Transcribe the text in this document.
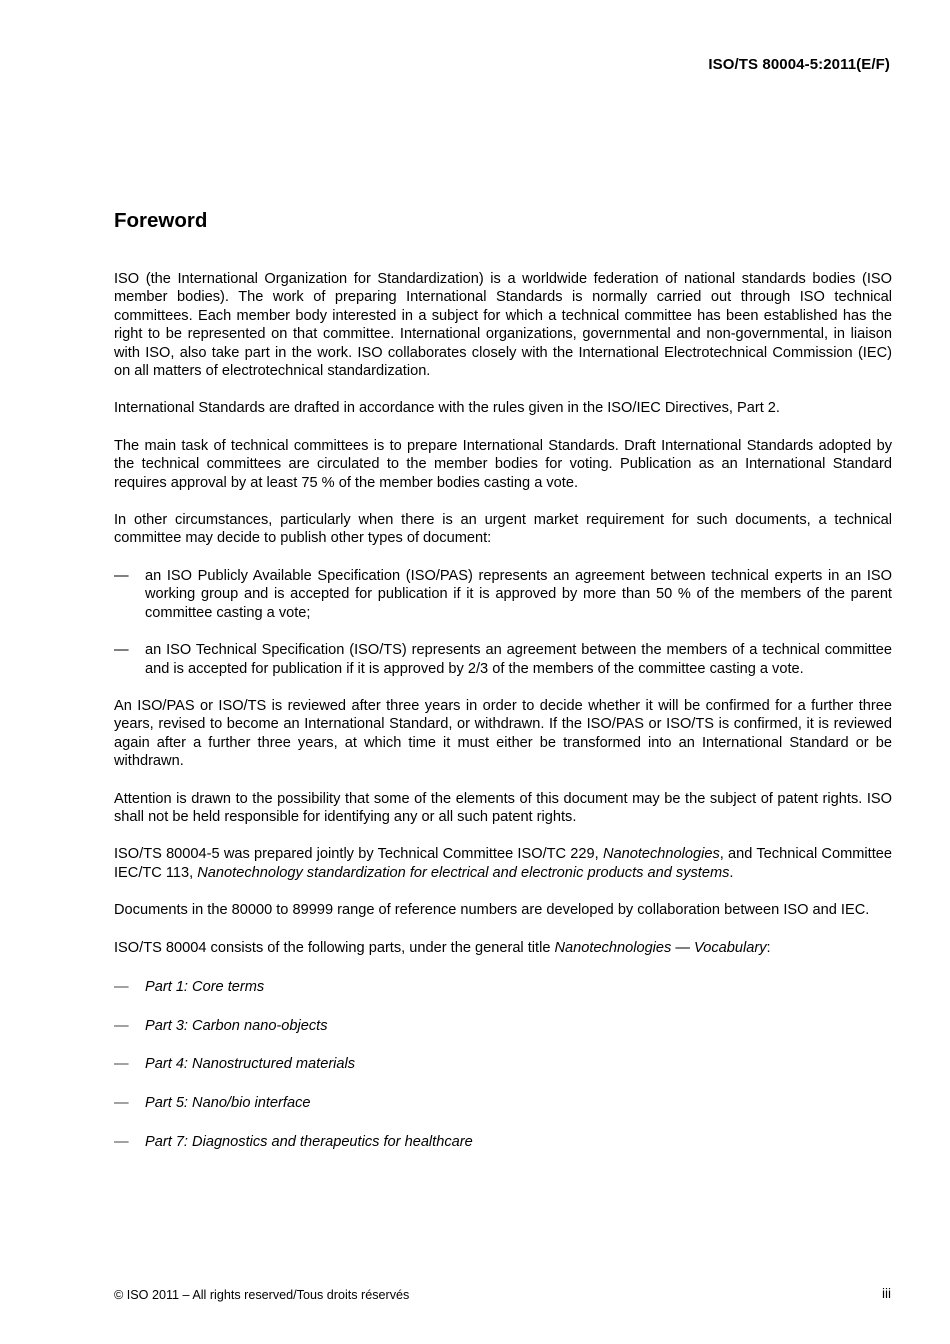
ISO/TS 80004-5:2011(E/F)
Foreword

ISO (the International Organization for Standardization) is a worldwide federation of national standards bodies (ISO member bodies). The work of preparing International Standards is normally carried out through ISO technical committees. Each member body interested in a subject for which a technical committee has been established has the right to be represented on that committee. International organizations, governmental and non-governmental, in liaison with ISO, also take part in the work. ISO collaborates closely with the International Electrotechnical Commission (IEC) on all matters of electrotechnical standardization.

International Standards are drafted in accordance with the rules given in the ISO/IEC Directives, Part 2.

The main task of technical committees is to prepare International Standards. Draft International Standards adopted by the technical committees are circulated to the member bodies for voting. Publication as an International Standard requires approval by at least 75 % of the member bodies casting a vote.

In other circumstances, particularly when there is an urgent market requirement for such documents, a technical committee may decide to publish other types of document:

—	an ISO Publicly Available Specification (ISO/PAS) represents an agreement between technical experts in an ISO working group and is accepted for publication if it is approved by more than 50 % of the members of the parent committee casting a vote;
—	an ISO Technical Specification (ISO/TS) represents an agreement between the members of a technical committee and is accepted for publication if it is approved by 2/3 of the members of the committee casting a vote.

An ISO/PAS or ISO/TS is reviewed after three years in order to decide whether it will be confirmed for a further three years, revised to become an International Standard, or withdrawn. If the ISO/PAS or ISO/TS is confirmed, it is reviewed again after a further three years, at which time it must either be transformed into an International Standard or be withdrawn.

Attention is drawn to the possibility that some of the elements of this document may be the subject of patent rights. ISO shall not be held responsible for identifying any or all such patent rights.

ISO/TS 80004-5 was prepared jointly by Technical Committee ISO/TC 229, Nanotechnologies, and Technical Committee IEC/TC 113, Nanotechnology standardization for electrical and electronic products and systems.

Documents in the 80000 to 89999 range of reference numbers are developed by collaboration between ISO and IEC.

ISO/TS 80004 consists of the following parts, under the general title Nanotechnologies — Vocabulary:

—	Part 1: Core terms
—	Part 3: Carbon nano-objects
—	Part 4: Nanostructured materials
—	Part 5: Nano/bio interface
—	Part 7: Diagnostics and therapeutics for healthcare
© ISO 2011 – All rights reserved/Tous droits réservés	iii
